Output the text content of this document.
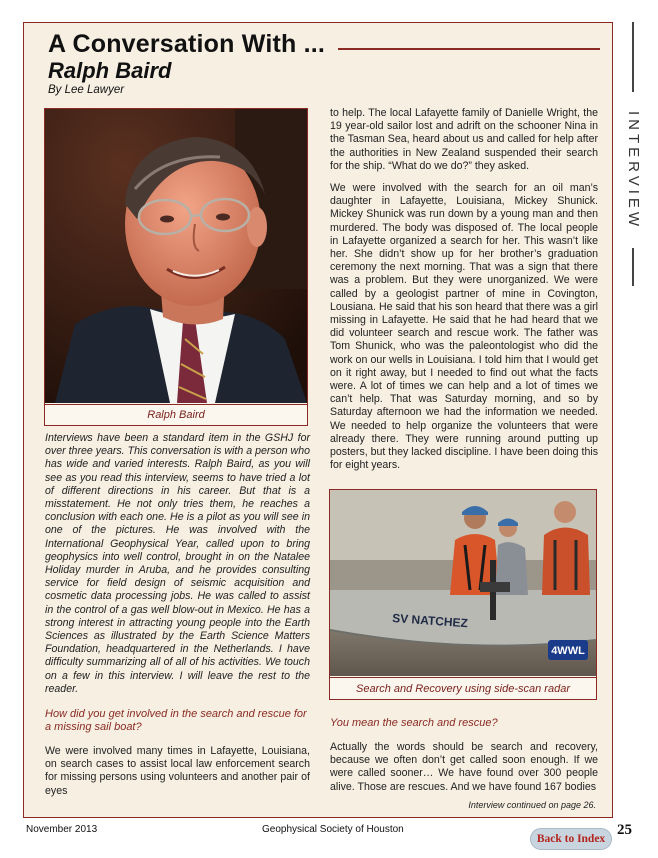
A Conversation With ...
Ralph Baird

By Lee Lawyer

INTERVIEW
Ralph Baird

Interviews have been a standard item in the GSHJ for over three years. This conversation is with a person who has wide and varied interests. Ralph Baird, as you will see as you read this interview, seems to have tried a lot of different directions in his career. But that is a misstatement. He not only tries them, he reaches a conclusion with each one. He is a pilot as you will see in one of the pictures. He was involved with the International Geophysical Year, called upon to bring geophysics into well control, brought in on the Natalee Holiday murder in Aruba, and he provides consulting service for field design of seismic acquisition and cosmetic data processing jobs. He was called to assist in the control of a gas well blow-out in Mexico. He has a strong interest in attracting young people into the Earth Sciences as illustrated by the Earth Science Matters Foundation, headquartered in the Netherlands. I have difficulty summarizing all of all of his activities. We touch on a few in this interview. I will leave the rest to the reader.

How did you get involved in the search and rescue for a missing sail boat?

We were involved many times in Lafayette, Louisiana, on search cases to assist local law enforcement search for missing persons using volunteers and another pair of eyes

to help. The local Lafayette family of Danielle Wright, the 19 year-old sailor lost and adrift on the schooner Nina in the Tasman Sea, heard about us and called for help after the authorities in New Zealand suspended their search for the ship. “What do we do?” they asked.

We were involved with the search for an oil man’s daughter in Lafayette, Louisiana, Mickey Shunick. Mickey Shunick was run down by a young man and then murdered. The body was disposed of. The local people in Lafayette organized a search for her. This wasn’t like her. She didn’t show up for her brother’s graduation ceremony the next morning. That was a sign that there was a problem. But they were unorganized. We were called by a geologist partner of mine in Covington, Lousiana. He said that his son heard that there was a girl missing in Lafayette. He said that he had heard that we did volunteer search and rescue work. The father was Tom Shunick, who was the paleontologist who did the work on our wells in Louisiana. I told him that I would get on it right away, but I needed to find out what the facts were. A lot of times we can help and a lot of times we can’t help. That was Saturday morning, and so by Saturday afternoon we had the information we needed. We needed to help organize the volunteers that were already there. They were running around putting up posters, but they lacked discipline. I have been doing this for eight years.

SV NATCHEZ
4WWL
Search and Recovery using side-scan radar

You mean the search and rescue?

Actually the words should be search and recovery, because we often don’t get called soon enough. If we were called sooner… We have found over 300 people alive. Those are rescues. And we have found 167 bodies

Interview continued on page 26.
November 2013	Geophysical Society of Houston
Back to Index
25
